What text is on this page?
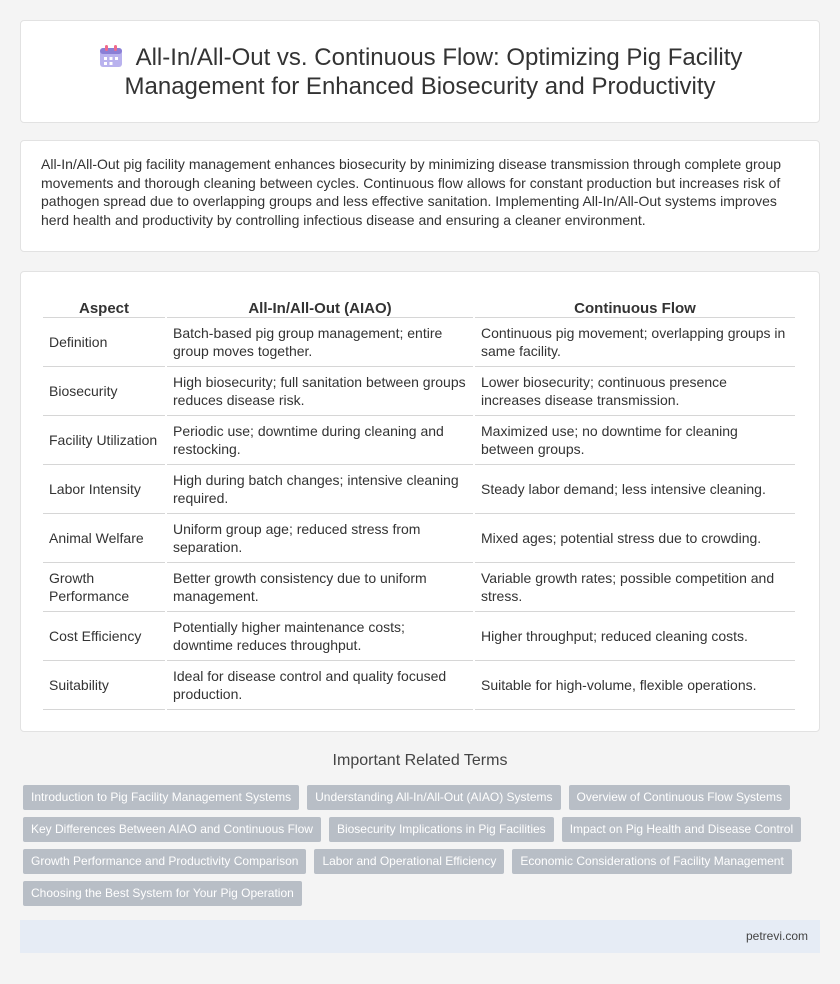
All-In/All-Out vs. Continuous Flow: Optimizing Pig Facility Management for Enhanced Biosecurity and Productivity

All-In/All-Out pig facility management enhances biosecurity by minimizing disease transmission through complete group movements and thorough cleaning between cycles. Continuous flow allows for constant production but increases risk of pathogen spread due to overlapping groups and less effective sanitation. Implementing All-In/All-Out systems improves herd health and productivity by controlling infectious disease and ensuring a cleaner environment.

Aspect	All-In/All-Out (AIAO)	Continuous Flow
Definition	Batch-based pig group management; entire group moves together.	Continuous pig movement; overlapping groups in same facility.
Biosecurity	High biosecurity; full sanitation between groups reduces disease risk.	Lower biosecurity; continuous presence increases disease transmission.
Facility Utilization	Periodic use; downtime during cleaning and restocking.	Maximized use; no downtime for cleaning between groups.
Labor Intensity	High during batch changes; intensive cleaning required.	Steady labor demand; less intensive cleaning.
Animal Welfare	Uniform group age; reduced stress from separation.	Mixed ages; potential stress due to crowding.
Growth Performance	Better growth consistency due to uniform management.	Variable growth rates; possible competition and stress.
Cost Efficiency	Potentially higher maintenance costs; downtime reduces throughput.	Higher throughput; reduced cleaning costs.
Suitability	Ideal for disease control and quality focused production.	Suitable for high-volume, flexible operations.
Important Related Terms
Introduction to Pig Facility Management Systems	Understanding All-In/All-Out (AIAO) Systems	Overview of Continuous Flow Systems
Key Differences Between AIAO and Continuous Flow	Biosecurity Implications in Pig Facilities	Impact on Pig Health and Disease Control
Growth Performance and Productivity Comparison	Labor and Operational Efficiency	Economic Considerations of Facility Management
Choosing the Best System for Your Pig Operation
petrevi.com
